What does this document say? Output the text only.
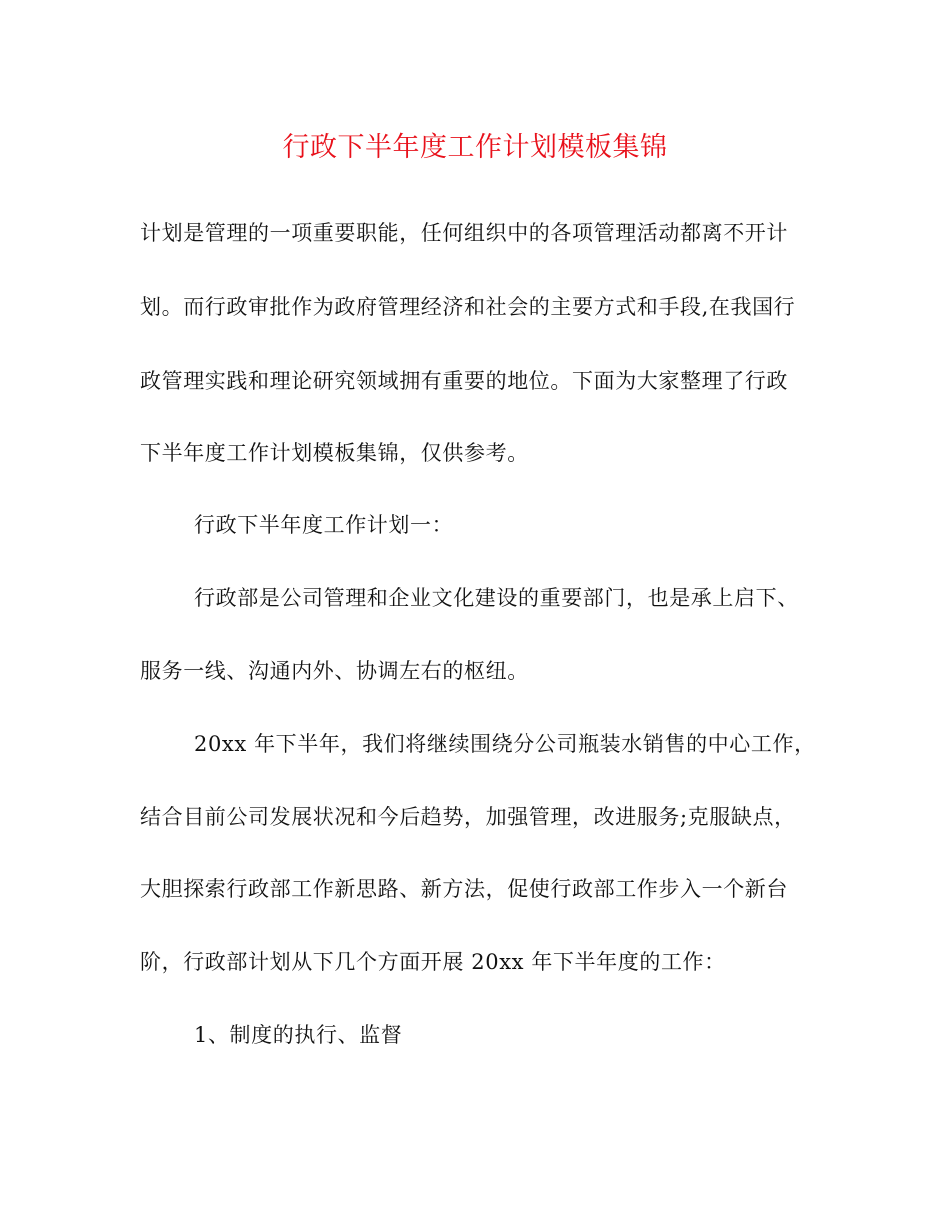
行政下半年度工作计划模板集锦
计划是管理的一项重要职能，任何组织中的各项管理活动都离不开计
划。而行政审批作为政府管理经济和社会的主要方式和手段,在我国行
政管理实践和理论研究领域拥有重要的地位。下面为大家整理了行政
下半年度工作计划模板集锦，仅供参考。
行政下半年度工作计划一：
行政部是公司管理和企业文化建设的重要部门，也是承上启下、
服务一线、沟通内外、协调左右的枢纽。
20xx 年下半年，我们将继续围绕分公司瓶装水销售的中心工作，
结合目前公司发展状况和今后趋势，加强管理，改进服务;克服缺点，
大胆探索行政部工作新思路、新方法，促使行政部工作步入一个新台
阶，行政部计划从下几个方面开展 20xx 年下半年度的工作：
1、制度的执行、监督
